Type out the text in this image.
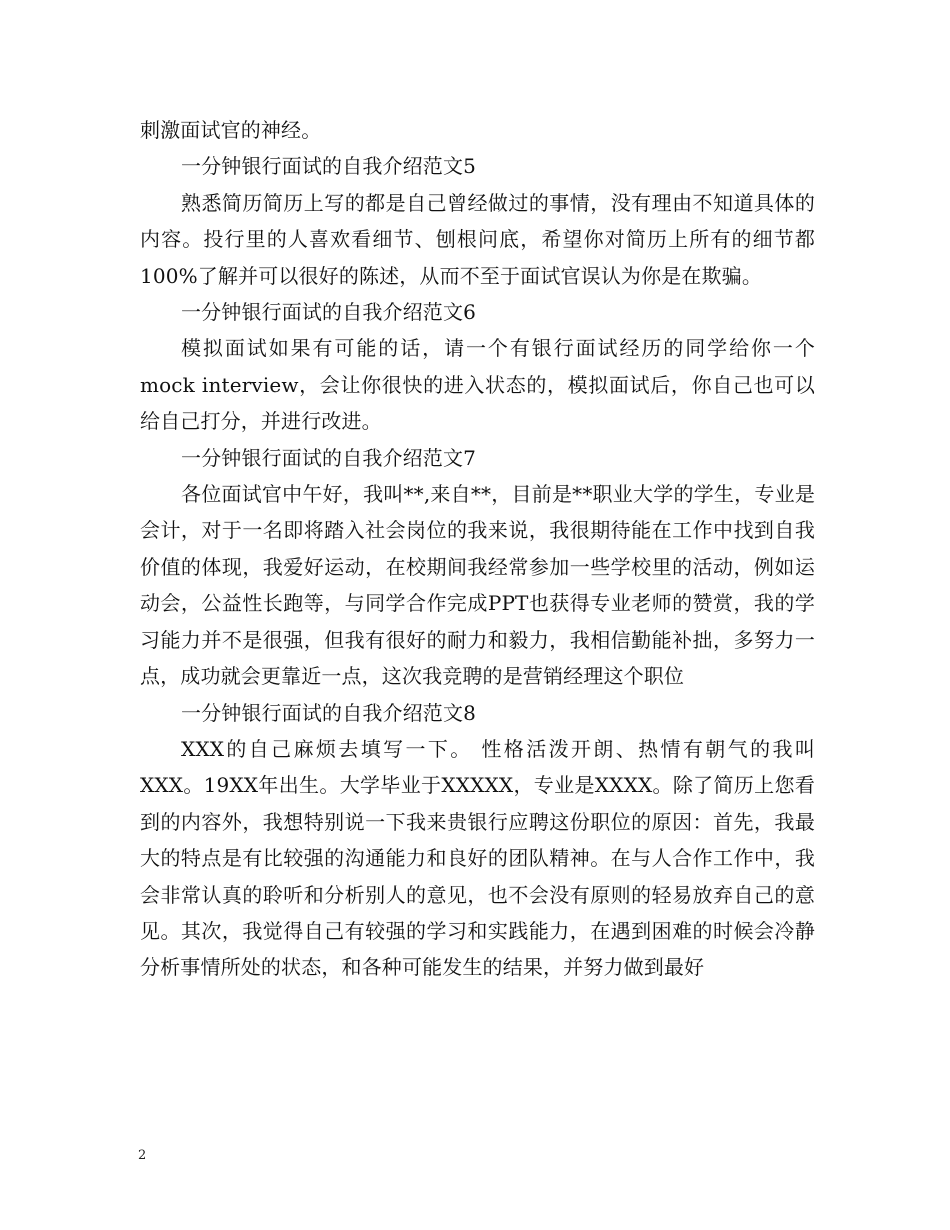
刺激面试官的神经。

一分钟银行面试的自我介绍范文5

熟悉简历简历上写的都是自己曾经做过的事情，没有理由不知道具体的内容。投行里的人喜欢看细节、刨根问底，希望你对简历上所有的细节都100%了解并可以很好的陈述，从而不至于面试官误认为你是在欺骗。

一分钟银行面试的自我介绍范文6

模拟面试如果有可能的话，请一个有银行面试经历的同学给你一个mock interview，会让你很快的进入状态的，模拟面试后，你自己也可以给自己打分，并进行改进。

一分钟银行面试的自我介绍范文7

各位面试官中午好，我叫**,来自**，目前是**职业大学的学生，专业是会计，对于一名即将踏入社会岗位的我来说，我很期待能在工作中找到自我价值的体现，我爱好运动，在校期间我经常参加一些学校里的活动，例如运动会，公益性长跑等，与同学合作完成PPT也获得专业老师的赞赏，我的学习能力并不是很强，但我有很好的耐力和毅力，我相信勤能补拙，多努力一点，成功就会更靠近一点，这次我竞聘的是营销经理这个职位

一分钟银行面试的自我介绍范文8

XXX的自己麻烦去填写一下。 性格活泼开朗、热情有朝气的我叫XXX。19XX年出生。大学毕业于XXXXX，专业是XXXX。除了简历上您看到的内容外，我想特别说一下我来贵银行应聘这份职位的原因：首先，我最大的特点是有比较强的沟通能力和良好的团队精神。在与人合作工作中，我会非常认真的聆听和分析别人的意见，也不会没有原则的轻易放弃自己的意见。其次，我觉得自己有较强的学习和实践能力，在遇到困难的时候会冷静分析事情所处的状态，和各种可能发生的结果，并努力做到最好

2
